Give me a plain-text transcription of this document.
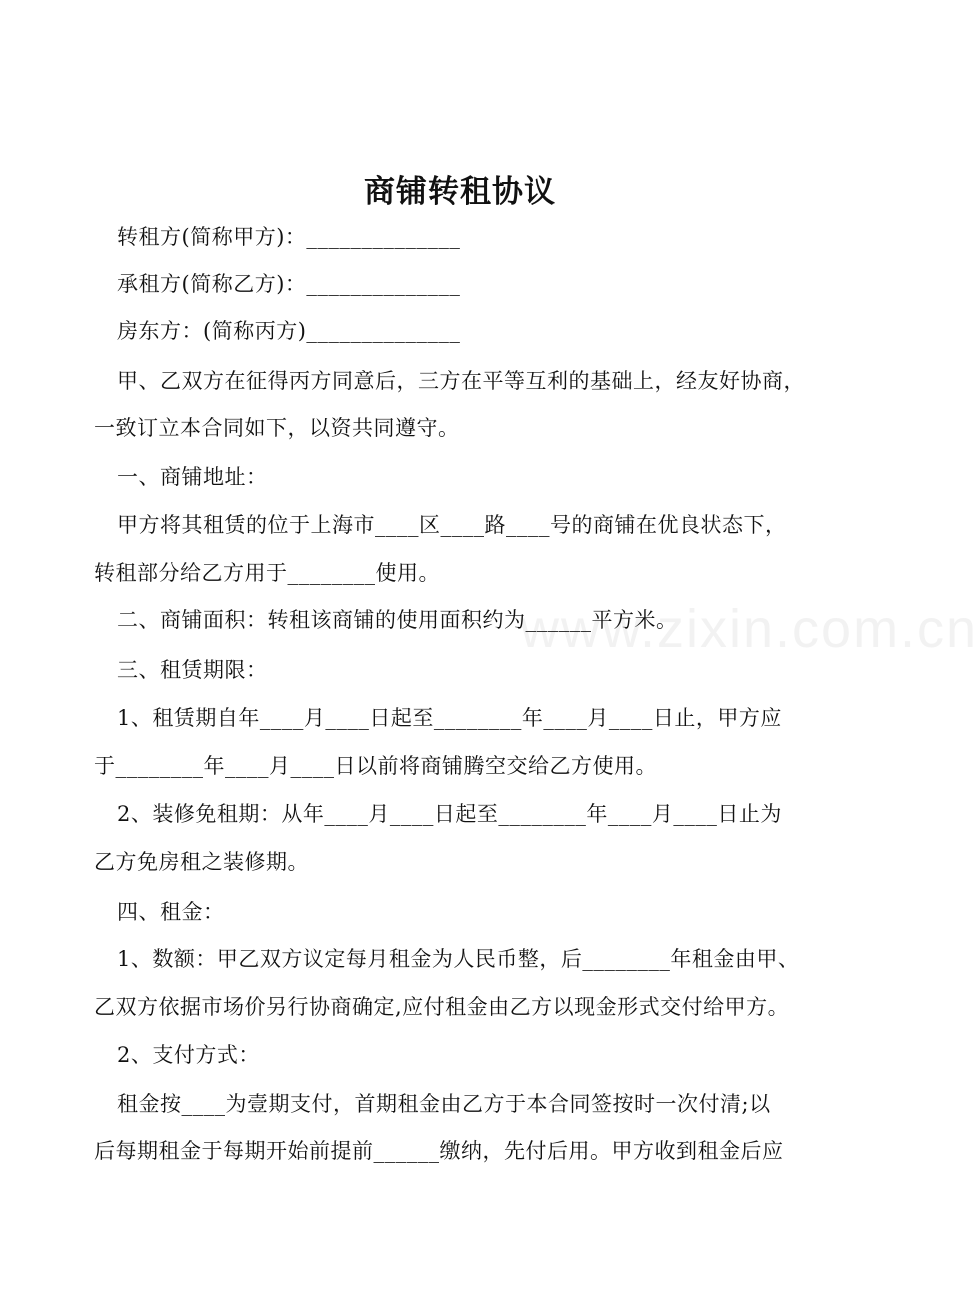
www.zixin.com.cn
商铺转租协议
转租方(简称甲方)：______________
承租方(简称乙方)：______________
房东方：(简称丙方)______________
甲、乙双方在征得丙方同意后，三方在平等互利的基础上，经友好协商，
一致订立本合同如下，以资共同遵守。
一、商铺地址：
甲方将其租赁的位于上海市____区____路____号的商铺在优良状态下，
转租部分给乙方用于________使用。
二、商铺面积：转租该商铺的使用面积约为______平方米。
三、租赁期限：
1、租赁期自年____月____日起至________年____月____日止，甲方应
于________年____月____日以前将商铺腾空交给乙方使用。
2、装修免租期：从年____月____日起至________年____月____日止为
乙方免房租之装修期。
四、租金：
1、数额：甲乙双方议定每月租金为人民币整，后________年租金由甲、
乙双方依据市场价另行协商确定,应付租金由乙方以现金形式交付给甲方。
2、支付方式：
租金按____为壹期支付，首期租金由乙方于本合同签按时一次付清;以
后每期租金于每期开始前提前______缴纳，先付后用。甲方收到租金后应
